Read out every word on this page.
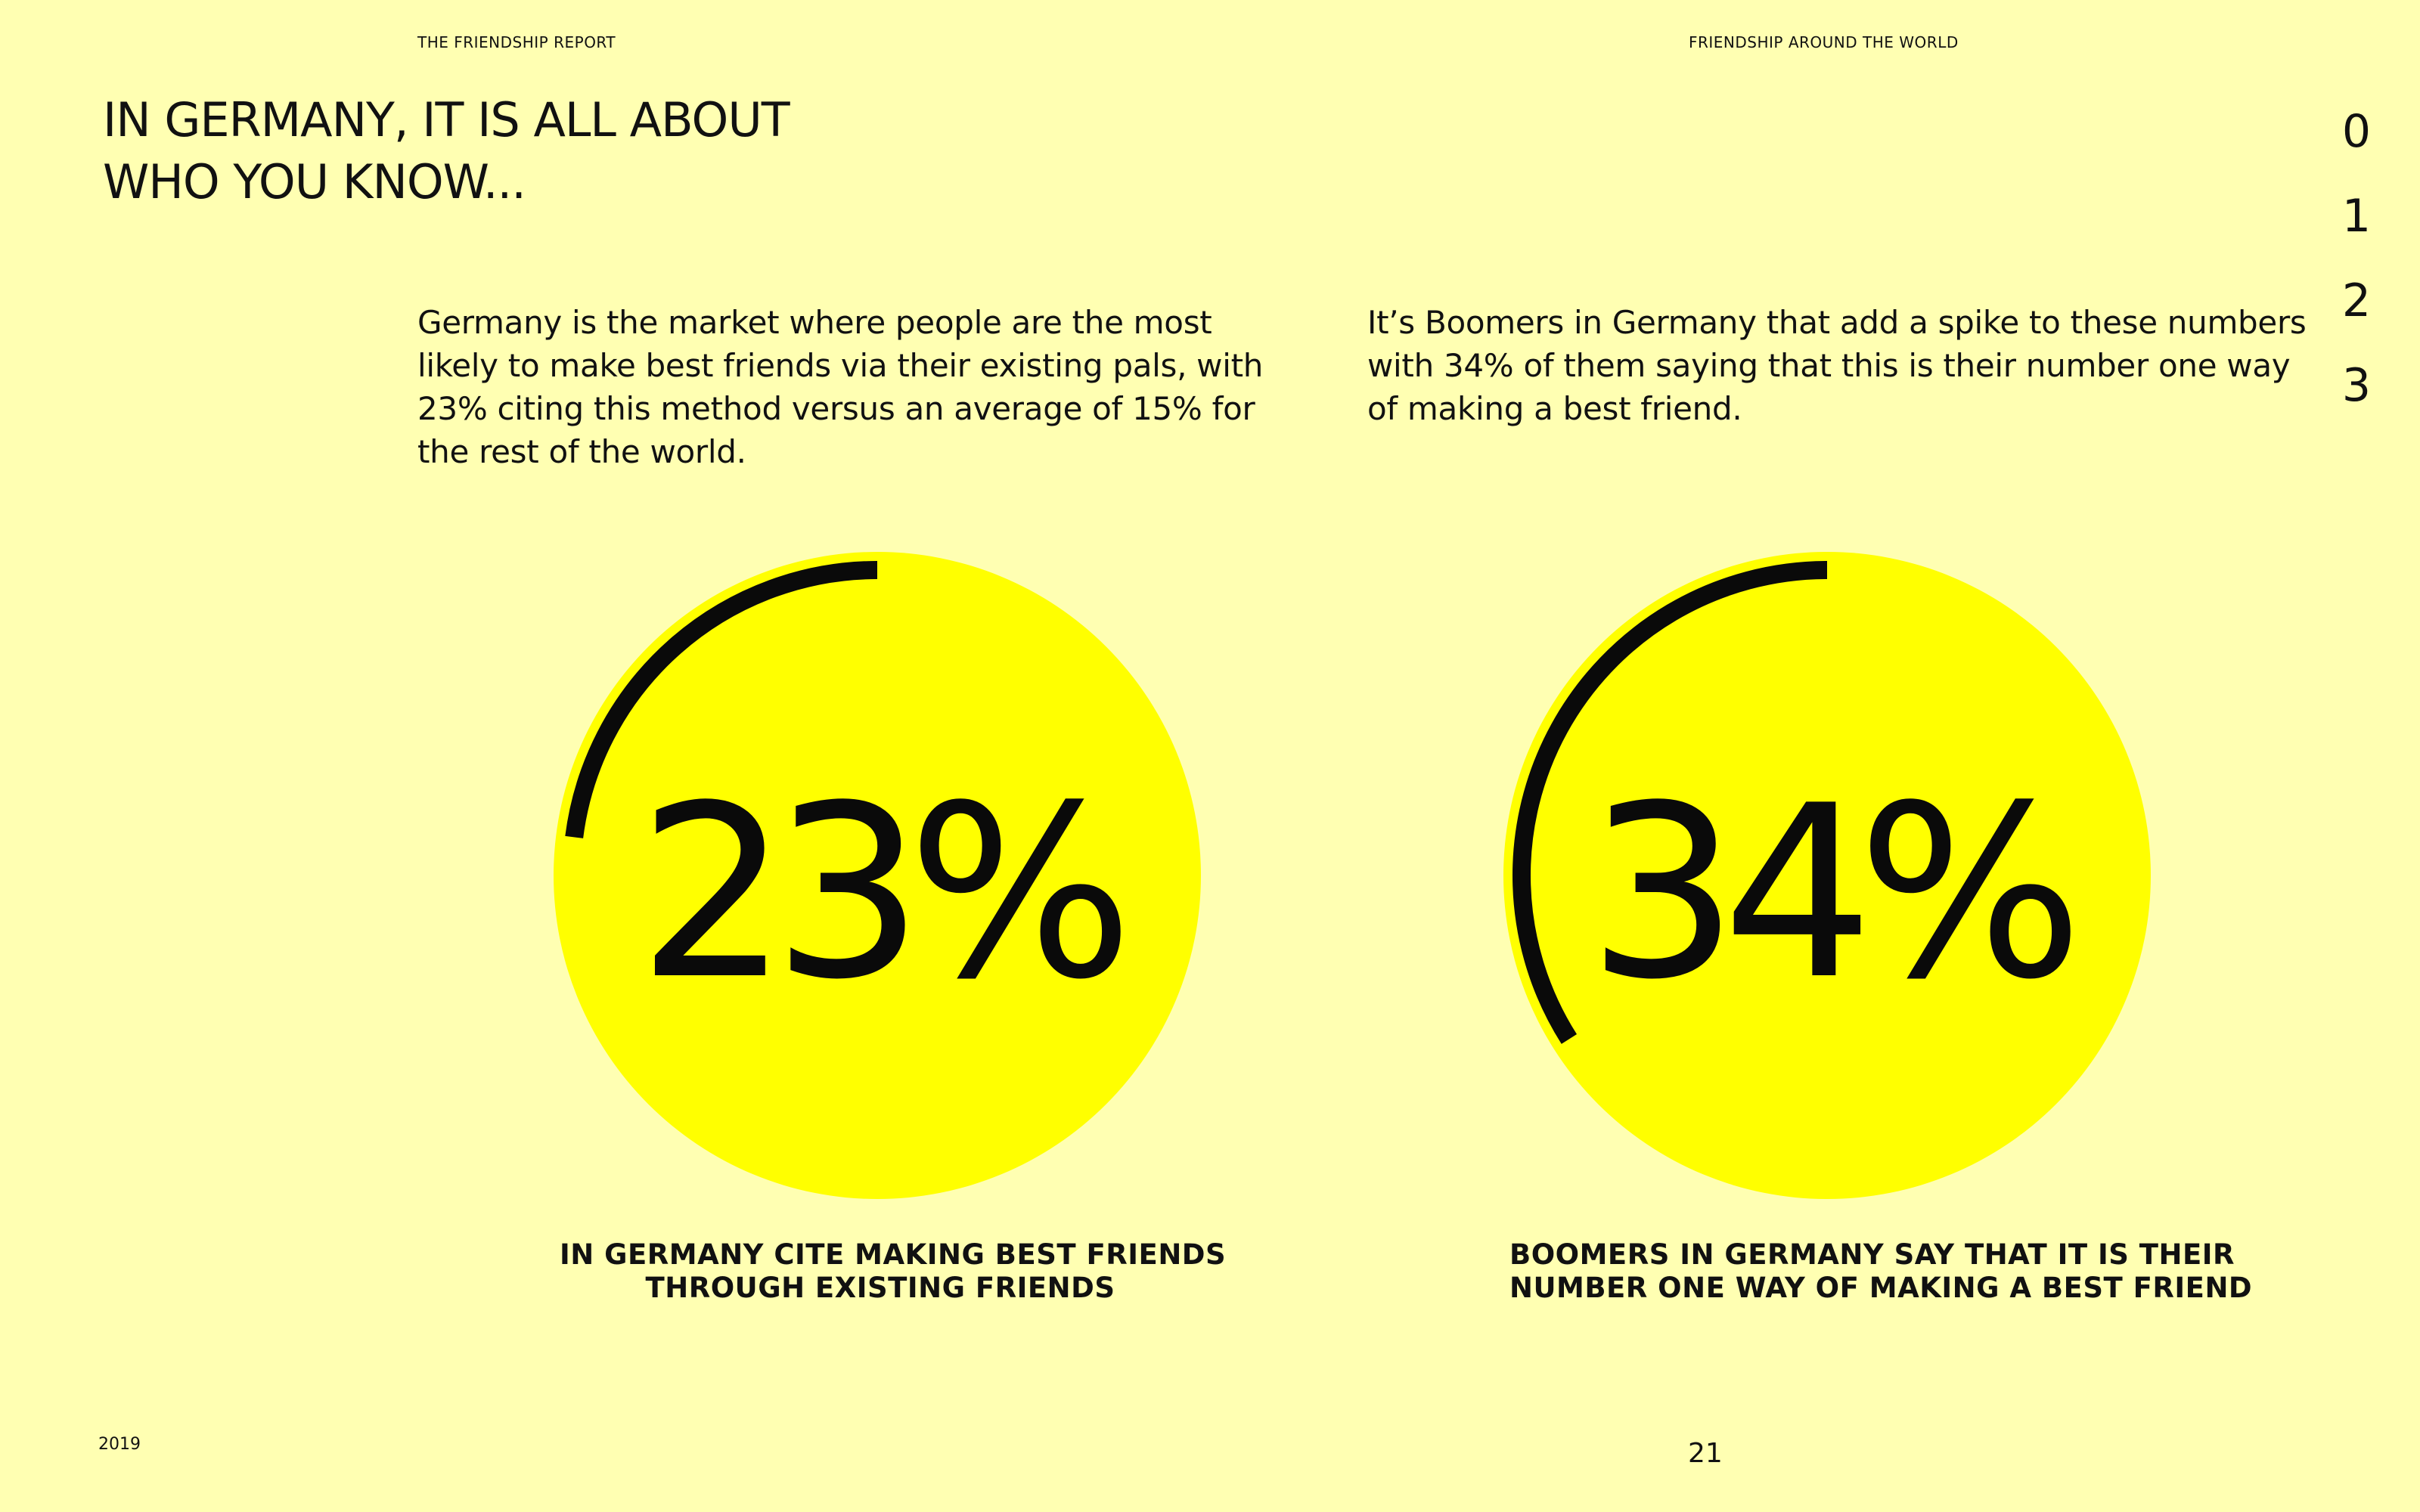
THE FRIENDSHIP REPORT	FRIENDSHIP AROUND THE WORLD
IN GERMANY, IT IS ALL ABOUT
WHO YOU KNOW...
0
1
2
3

Germany is the market where people are the most
likely to make best friends via their existing pals, with
23% citing this method versus an average of 15% for
the rest of the world.

It’s Boomers in Germany that add a spike to these numbers
with 34% of them saying that this is their number one way
of making a best friend.

23% 34%
IN GERMANY CITE MAKING BEST FRIENDS
THROUGH EXISTING FRIENDS
BOOMERS IN GERMANY SAY THAT IT IS THEIR
NUMBER ONE WAY OF MAKING A BEST FRIEND
2019	21
